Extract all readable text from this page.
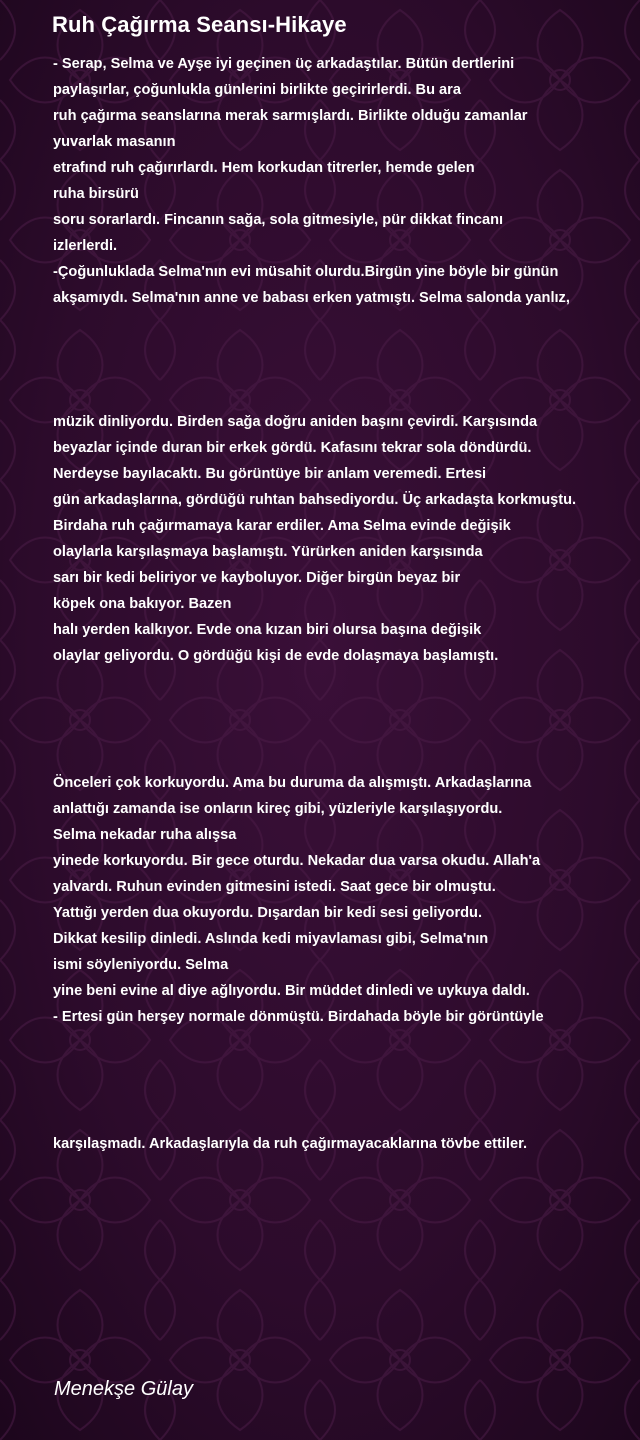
Ruh Çağırma Seansı-Hikaye
- Serap, Selma ve Ayşe iyi geçinen üç arkadaştılar. Bütün dertlerini
paylaşırlar, çoğunlukla günlerini birlikte geçirirlerdi. Bu ara
ruh çağırma seanslarına merak sarmışlardı. Birlikte olduğu zamanlar
yuvarlak masanın
etrafınd ruh çağırırlardı. Hem korkudan titrerler, hemde gelen
ruha birsürü
soru sorarlardı. Fincanın sağa, sola gitmesiyle, pür dikkat fincanı
izlerlerdi.
-Çoğunluklada Selma'nın evi müsahit olurdu.Birgün yine böyle bir günün
akşamıydı. Selma'nın anne ve babası erken yatmıştı. Selma salonda yanlız,
müzik dinliyordu. Birden sağa doğru aniden başını çevirdi. Karşısında
beyazlar içinde duran bir erkek gördü. Kafasını tekrar sola döndürdü.
Nerdeyse bayılacaktı. Bu görüntüye bir anlam veremedi. Ertesi
gün arkadaşlarına, gördüğü ruhtan bahsediyordu. Üç arkadaşta korkmuştu.
Birdaha ruh çağırmamaya karar erdiler. Ama Selma evinde değişik
olaylarla karşılaşmaya başlamıştı. Yürürken aniden karşısında
sarı bir kedi beliriyor ve kayboluyor. Diğer birgün beyaz bir
köpek ona bakıyor. Bazen
halı yerden kalkıyor. Evde ona kızan biri olursa başına değişik
olaylar geliyordu. O gördüğü kişi de evde dolaşmaya başlamıştı.
Önceleri çok korkuyordu. Ama bu duruma da alışmıştı. Arkadaşlarına
anlattığı zamanda ise onların kireç gibi, yüzleriyle karşılaşıyordu.
Selma nekadar ruha alışsa
yinede korkuyordu. Bir gece oturdu. Nekadar dua varsa okudu. Allah'a
yalvardı. Ruhun evinden gitmesini istedi. Saat gece bir olmuştu.
Yattığı yerden dua okuyordu. Dışardan bir kedi sesi geliyordu.
Dikkat kesilip dinledi. Aslında kedi miyavlaması gibi, Selma'nın
ismi söyleniyordu. Selma
yine beni evine al diye ağlıyordu. Bir müddet dinledi ve uykuya daldı.
- Ertesi gün herşey normale dönmüştü. Birdahada böyle bir görüntüyle
karşılaşmadı. Arkadaşlarıyla da ruh çağırmayacaklarına tövbe ettiler.
Menekşe Gülay
